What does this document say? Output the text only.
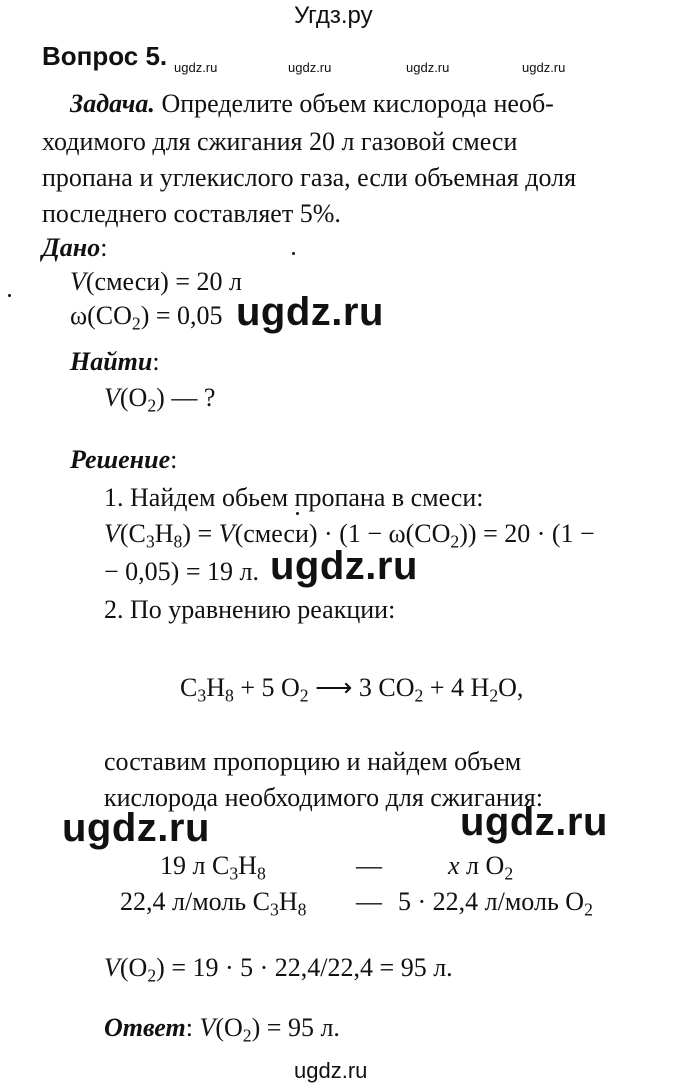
Угдз.ру
Вопрос 5. ugdz.ru	ugdz.ru	ugdz.ru	ugdz.ru
Задача. Определите объем кислорода необ-
ходимого для сжигания 20 л газовой смеси
пропана и углекислого газа, если объемная доля
последнего составляет 5%.
Дано:
V(смеси) = 20 л
$\omega(CO_2) = 0,05$ ugdz.ru
Найти:
$V(O_2)$ — ?
Решение:
1. Найдем обьем пропана в смеси:
$V(C_3H_8)$ = V(смеси) · $(1 - \omega(CO_2)) = 20 \cdot (1$ −
− 0,05) = 19 л. ugdz.ru
2. По уравнению реакции:
$C_3H_8 + 5$ $O_2$ ⟶ 3 $CO_2 + 4$ $H_2O$,
составим пропорцию и найдем объем
кислорода необходимого для сжигания:
ugdz.ru	ugdz.ru
19 л $C_3H_8$	—	x л $O_2$
22,4 л/моль $C_3H_8$ — 5 · 22,4 л/моль $O_2$
$V(O_2) = 19 \cdot 5 \cdot 22,4/22,4 = 95$ л.
Ответ: $V(O_2) = 95$ л.
ugdz.ru
